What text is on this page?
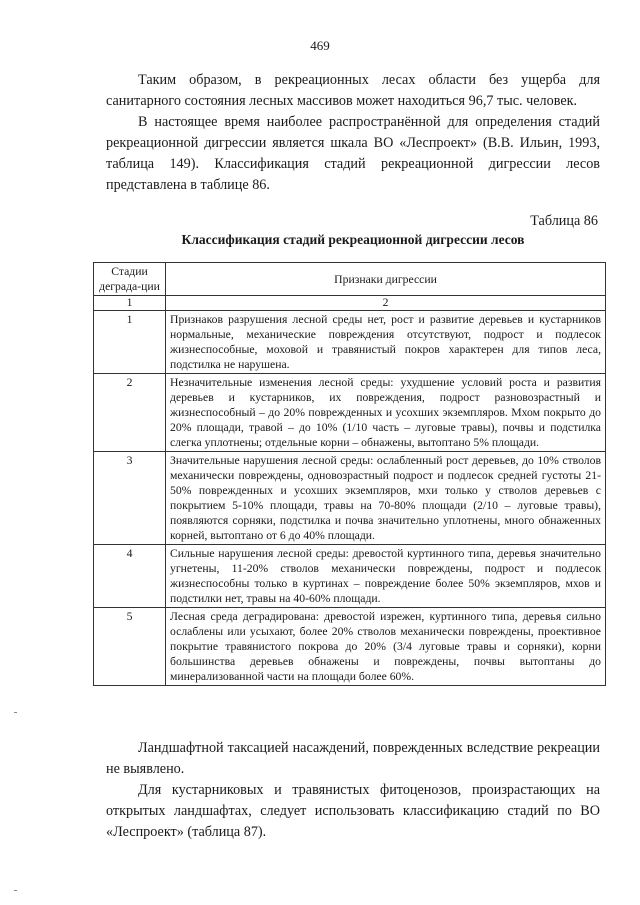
469

Таким образом, в рекреационных лесах области без ущерба для санитарного состояния лесных массивов может находиться 96,7 тыс. человек.

В настоящее время наиболее распространённой для определения стадий рекреационной дигрессии является шкала ВО «Леспроект» (В.В. Ильин, 1993, таблица 149). Классификация стадий рекреационной дигрессии лесов представлена в таблице 86.

Таблица 86
Классификация стадий рекреационной дигрессии лесов
Стадии деграда-ции	Признаки дигрессии
1	2
1	Признаков разрушения лесной среды нет, рост и развитие деревьев и кустарников нормальные, механические повреждения отсутствуют, подрост и подлесок жизнеспособные, моховой и травянистый покров характерен для типов леса, подстилка не нарушена.
2	Незначительные изменения лесной среды: ухудшение условий роста и развития деревьев и кустарников, их повреждения, подрост разновозрастный и жизнеспособный – до 20% поврежденных и усохших экземпляров. Мхом покрыто до 20% площади, травой – до 10% (1/10 часть – луговые травы), почвы и подстилка слегка уплотнены; отдельные корни – обнажены, вытоптано 5% площади.
3	Значительные нарушения лесной среды: ослабленный рост деревьев, до 10% стволов механически повреждены, одновозрастный подрост и подлесок средней густоты 21-50% поврежденных и усохших экземпляров, мхи только у стволов деревьев с покрытием 5-10% площади, травы на 70-80% площади (2/10 – луговые травы), появляются сорняки, подстилка и почва значительно уплотнены, много обнаженных корней, вытоптано от 6 до 40% площади.
4	Сильные нарушения лесной среды: древостой куртинного типа, деревья значительно угнетены, 11-20% стволов механически повреждены, подрост и подлесок жизнеспособны только в куртинах – повреждение более 50% экземпляров, мхов и подстилки нет, травы на 40-60% площади.
5	Лесная среда деградирована: древостой изрежен, куртинного типа, деревья сильно ослаблены или усыхают, более 20% стволов механически повреждены, проективное покрытие травянистого покрова до 20% (3/4 луговые травы и сорняки), корни большинства деревьев обнажены и повреждены, почвы вытоптаны до минерализованной части на площади более 60%.

Ландшафтной таксацией насаждений, поврежденных вследствие рекреации не выявлено.

Для кустарниковых и травянистых фитоценозов, произрастающих на открытых ландшафтах, следует использовать классификацию стадий по ВО «Леспроект» (таблица 87).
